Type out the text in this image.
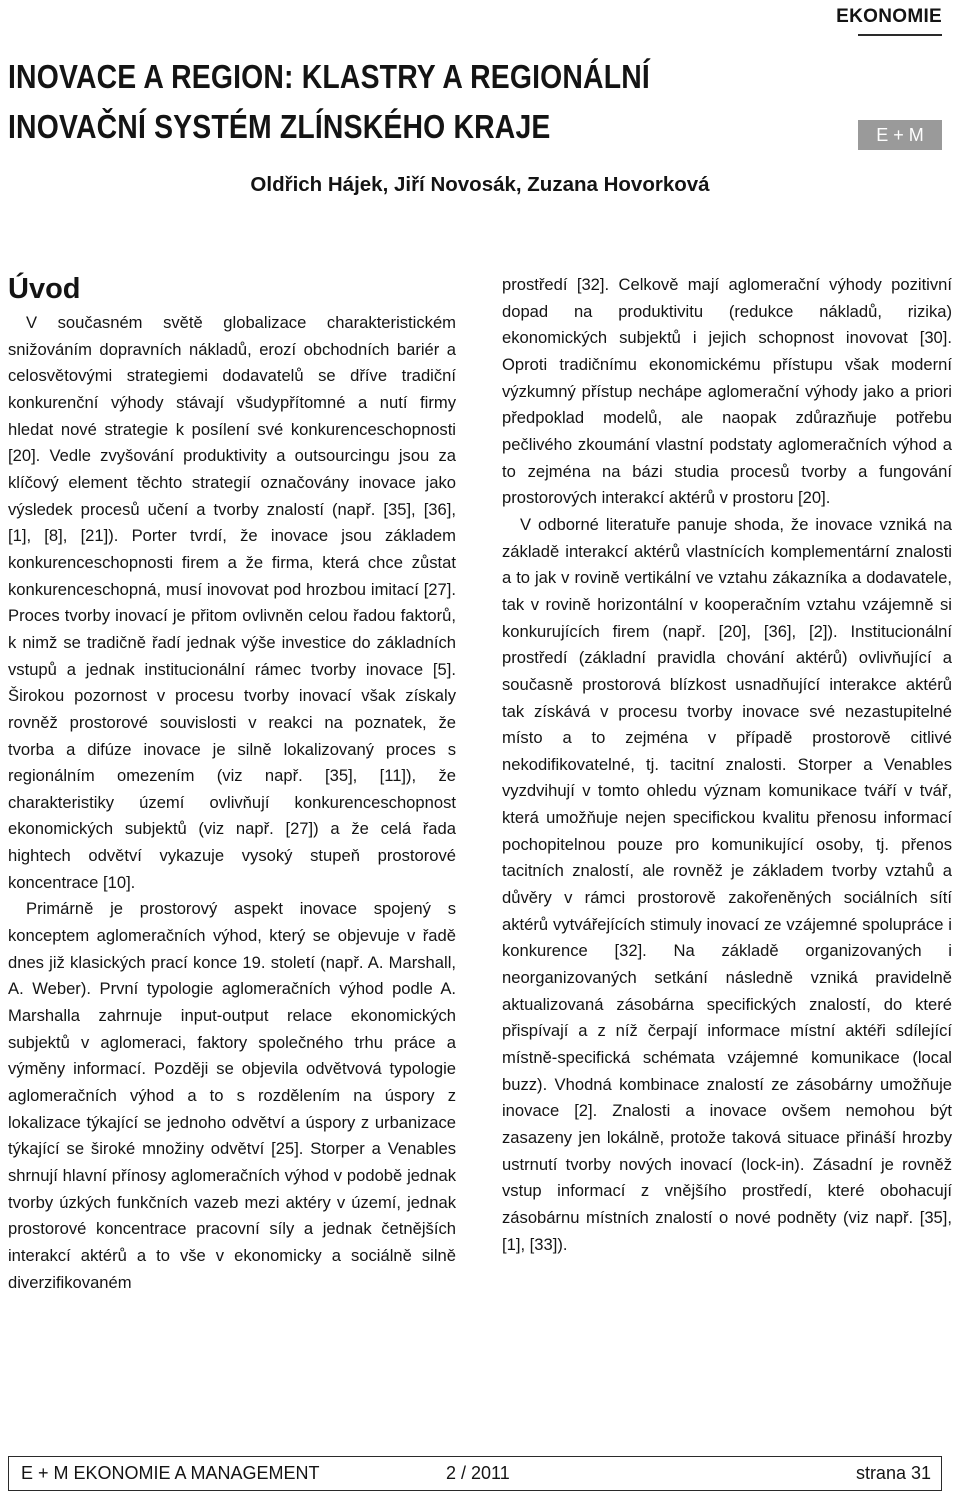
EKONOMIE
INOVACE A REGION: KLASTRY A REGIONÁLNÍ
INOVAČNÍ SYSTÉM ZLÍNSKÉHO KRAJE	E + M
Oldřich Hájek, Jiří Novosák, Zuzana Hovorková
Úvod

V současném světě globalizace charakteristickém snižováním dopravních nákladů, erozí obchodních bariér a celosvětovými strategiemi dodavatelů se dříve tradiční konkurenční výhody stávají všudypřítomné a nutí firmy hledat nové strategie k posílení své konkurenceschopnosti [20]. Vedle zvyšování produktivity a outsourcingu jsou za klíčový element těchto strategií označovány inovace jako výsledek procesů učení a tvorby znalostí (např. [35], [36], [1], [8], [21]). Porter tvrdí, že inovace jsou základem konkurenceschopnosti firem a že firma, která chce zůstat konkurenceschopná, musí inovovat pod hrozbou imitací [27]. Proces tvorby inovací je přitom ovlivněn celou řadou faktorů, k nimž se tradičně řadí jednak výše investice do základních vstupů a jednak institucionální rámec tvorby inovace [5]. Širokou pozornost v procesu tvorby inovací však získaly rovněž prostorové souvislosti v reakci na poznatek, že tvorba a difúze inovace je silně lokalizovaný proces s regionálním omezením (viz např. [35], [11]), že charakteristiky území ovlivňují konkurenceschopnost ekonomických subjektů (viz např. [27]) a že celá řada hightech odvětví vykazuje vysoký stupeň prostorové koncentrace [10].

Primárně je prostorový aspekt inovace spojený s konceptem aglomeračních výhod, který se objevuje v řadě dnes již klasických prací konce 19. století (např. A. Marshall, A. Weber). První typologie aglomeračních výhod podle A. Marshalla zahrnuje input-output relace ekonomických subjektů v aglomeraci, faktory společného trhu práce a výměny informací. Později se objevila odvětvová typologie aglomeračních výhod a to s rozdělením na úspory z lokalizace týkající se jednoho odvětví a úspory z urbanizace týkající se široké množiny odvětví [25]. Storper a Venables shrnují hlavní přínosy aglomeračních výhod v podobě jednak tvorby úzkých funkčních vazeb mezi aktéry v území, jednak prostorové koncentrace pracovní síly a jednak četnějších interakcí aktérů a to vše v ekonomicky a sociálně silně diverzifikovaném

prostředí [32]. Celkově mají aglomerační výhody pozitivní dopad na produktivitu (redukce nákladů, rizika) ekonomických subjektů i jejich schopnost inovovat [30]. Oproti tradičnímu ekonomickému přístupu však moderní výzkumný přístup nechápe aglomerační výhody jako a priori předpoklad modelů, ale naopak zdůrazňuje potřebu pečlivého zkoumání vlastní podstaty aglomeračních výhod a to zejména na bázi studia procesů tvorby a fungování prostorových interakcí aktérů v prostoru [20].

V odborné literatuře panuje shoda, že inovace vzniká na základě interakcí aktérů vlastnících komplementární znalosti a to jak v rovině vertikální ve vztahu zákazníka a dodavatele, tak v rovině horizontální v kooperačním vztahu vzájemně si konkurujících firem (např. [20], [36], [2]). Institucionální prostředí (základní pravidla chování aktérů) ovlivňující a současně prostorová blízkost usnadňující interakce aktérů tak získává v procesu tvorby inovace své nezastupitelné místo a to zejména v případě prostorově citlivé nekodifikovatelné, tj. tacitní znalosti. Storper a Venables vyzdvihují v tomto ohledu význam komunikace tváří v tvář, která umožňuje nejen specifickou kvalitu přenosu informací pochopitelnou pouze pro komunikující osoby, tj. přenos tacitních znalostí, ale rovněž je základem tvorby vztahů a důvěry v rámci prostorově zakořeněných sociálních sítí aktérů vytvářejících stimuly inovací ze vzájemné spolupráce i konkurence [32]. Na základě organizovaných i neorganizovaných setkání následně vzniká pravidelně aktualizovaná zásobárna specifických znalostí, do které přispívají a z níž čerpají informace místní aktéři sdílející místně-specifická schémata vzájemné komunikace (local buzz). Vhodná kombinace znalostí ze zásobárny umožňuje inovace [2]. Znalosti a inovace ovšem nemohou být zasazeny jen lokálně, protože taková situace přináší hrozby ustrnutí tvorby nových inovací (lock-in). Zásadní je rovněž vstup informací z vnějšího prostředí, které obohacují zásobárnu místních znalostí o nové podněty (viz např. [35], [1], [33]).

E + M EKONOMIE A MANAGEMENT	2 / 2011	strana 31
